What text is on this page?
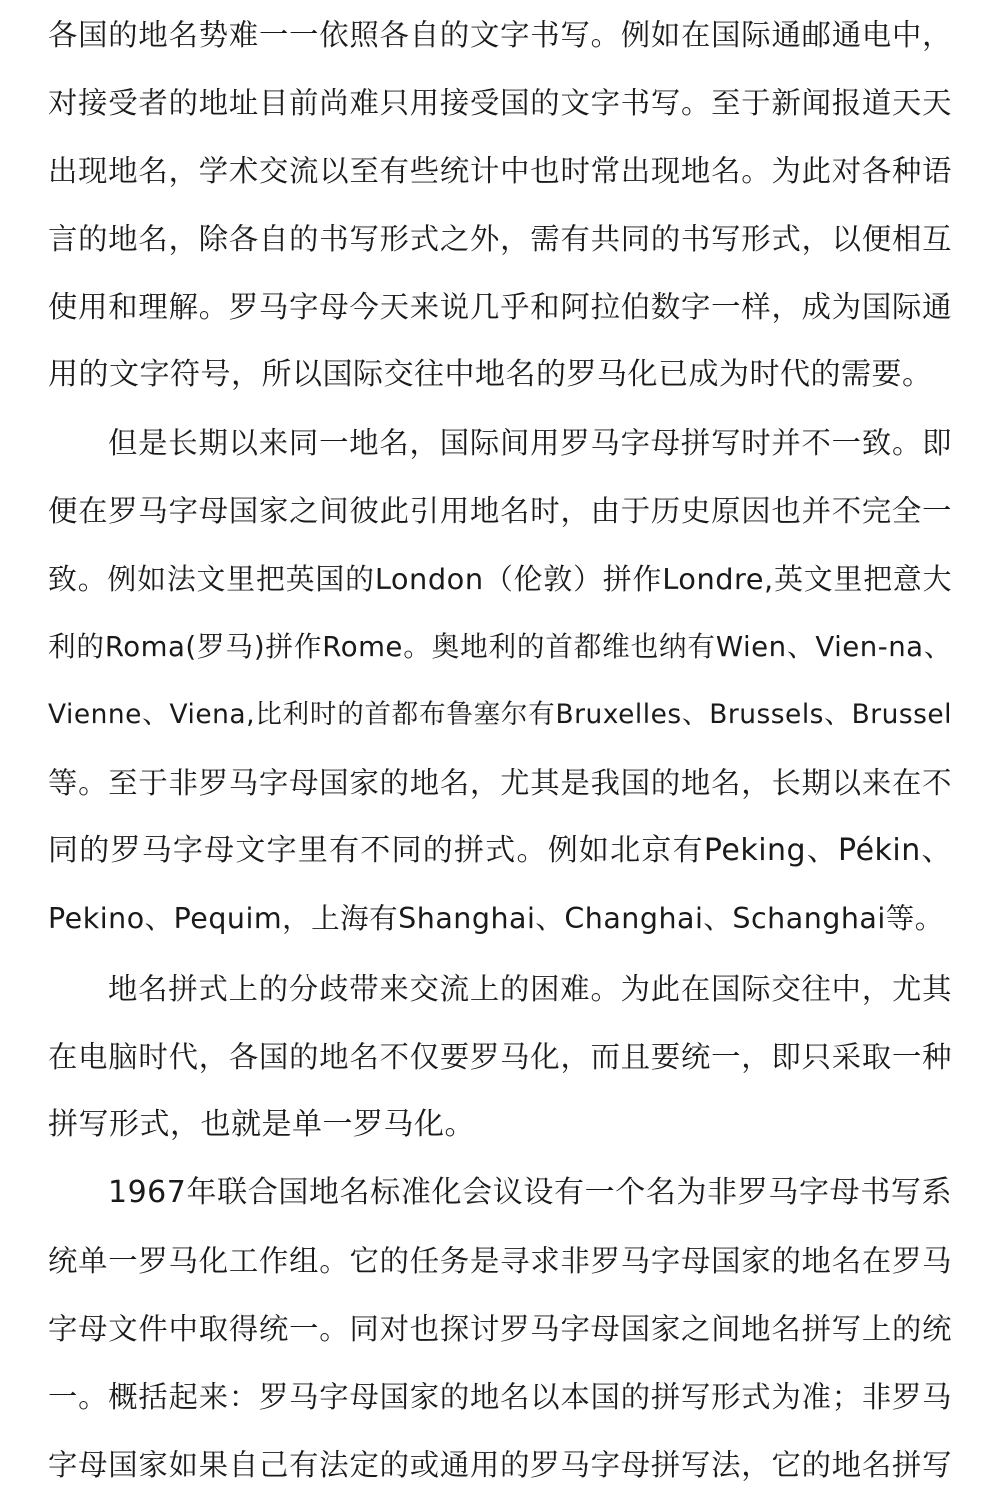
各国的地名势难一一依照各自的文字书写。例如在国际通邮通电中，
对接受者的地址目前尚难只用接受国的文字书写。至于新闻报道天天
出现地名，学术交流以至有些统计中也时常出现地名。为此对各种语
言的地名，除各自的书写形式之外，需有共同的书写形式，以便相互
使用和理解。罗马字母今天来说几乎和阿拉伯数字一样，成为国际通
用的文字符号，所以国际交往中地名的罗马化已成为时代的需要。
但是长期以来同一地名，国际间用罗马字母拼写时并不一致。即
便在罗马字母国家之间彼此引用地名时，由于历史原因也并不完全一
致。例如法文里把英国的London（伦敦）拼作Londre,英文里把意大
利的Roma(罗马)拼作Rome。奥地利的首都维也纳有Wien、Vien-na、
Vienne、Viena,比利时的首都布鲁塞尔有Bruxelles、Brussels、Brussel
等。至于非罗马字母国家的地名，尤其是我国的地名，长期以来在不
同的罗马字母文字里有不同的拼式。例如北京有Peking、Pékin、
Pekino、Pequim，上海有Shanghai、Changhai、Schanghai等。
地名拼式上的分歧带来交流上的困难。为此在国际交往中，尤其
在电脑时代，各国的地名不仅要罗马化，而且要统一，即只采取一种
拼写形式，也就是单一罗马化。
1967年联合国地名标准化会议设有一个名为非罗马字母书写系
统单一罗马化工作组。它的任务是寻求非罗马字母国家的地名在罗马
字母文件中取得统一。同对也探讨罗马字母国家之间地名拼写上的统
一。概括起来：罗马字母国家的地名以本国的拼写形式为准；非罗马
字母国家如果自己有法定的或通用的罗马字母拼写法，它的地名拼写
